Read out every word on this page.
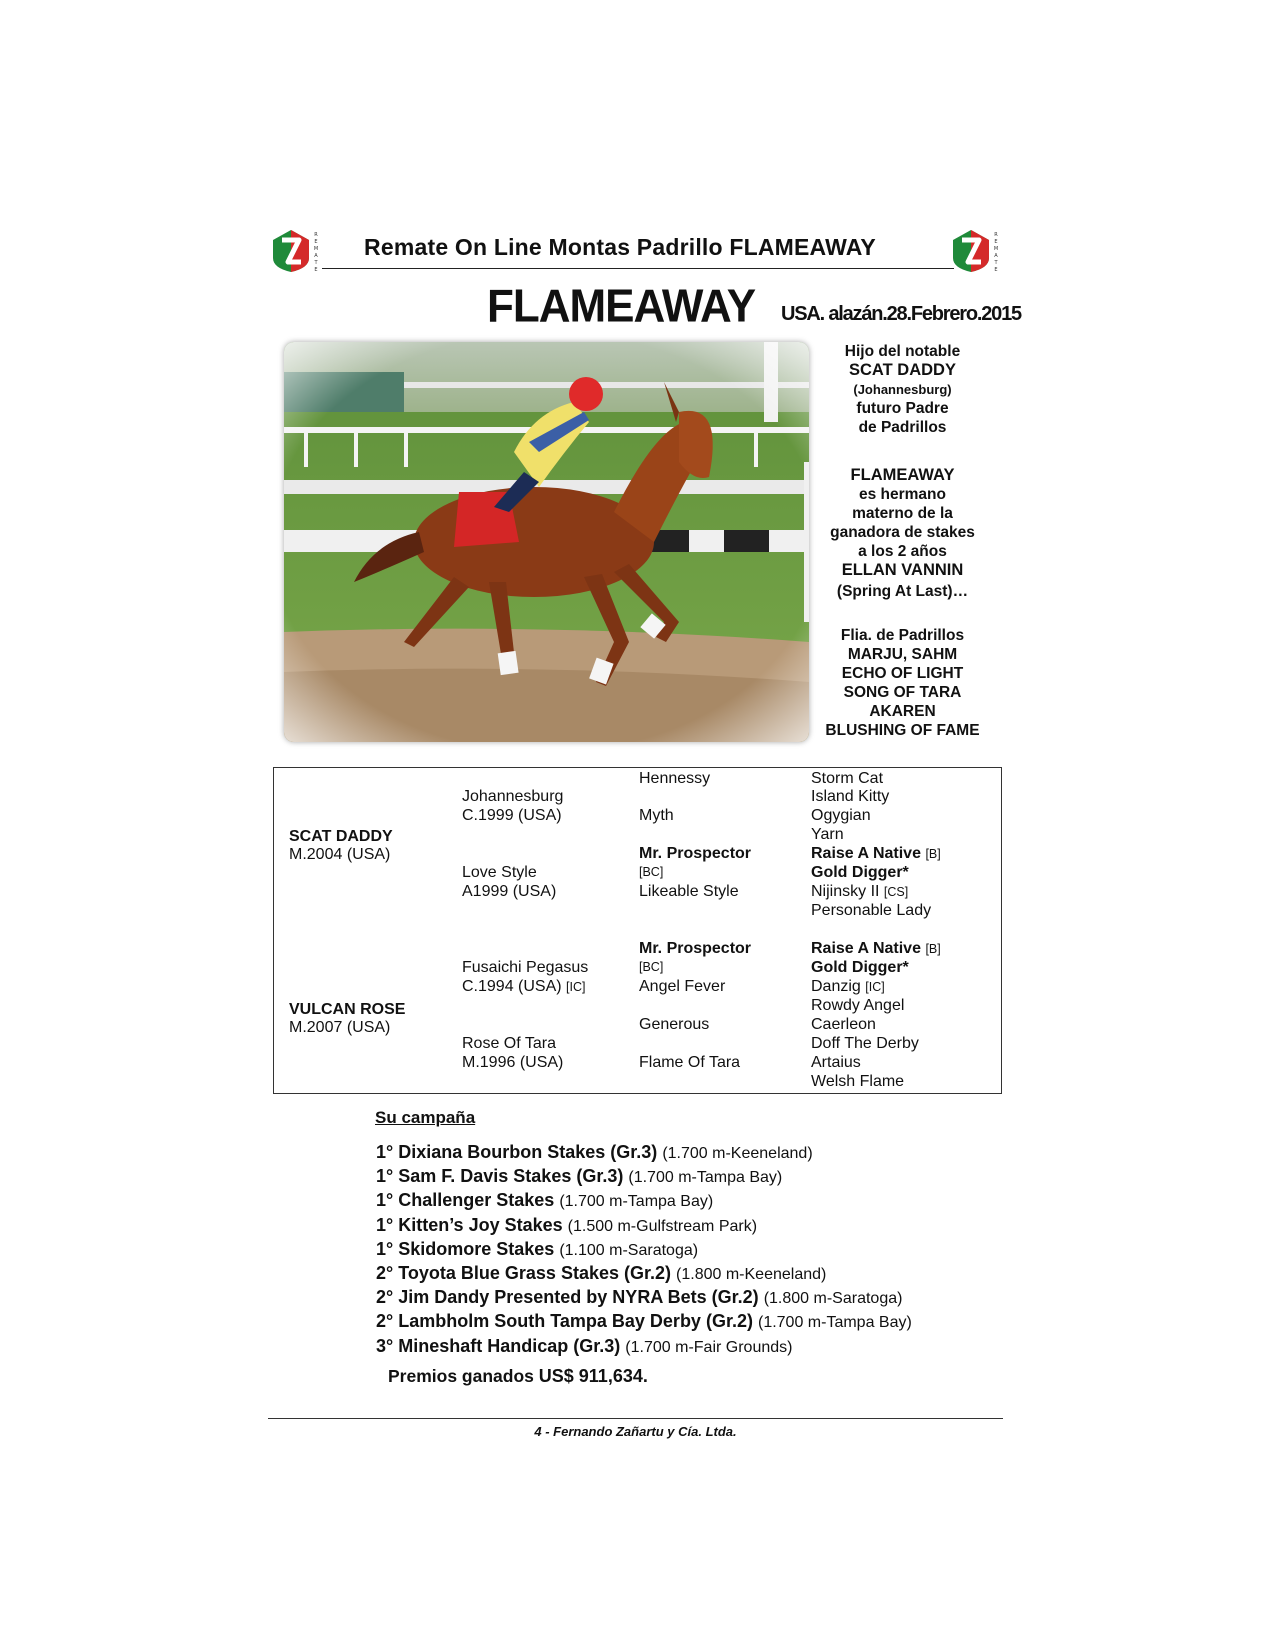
R
E
M
A
T
E
R
E
M
A
T
E
Remate On Line Montas Padrillo FLAMEAWAY
FLAMEAWAY USA. alazán.28.Febrero.2015
Hijo del notable
SCAT DADDY
(Johannesburg)
futuro Padre
de Padrillos
FLAMEAWAY
es hermano
materno de la
ganadora de stakes
a los 2 años
ELLAN VANNIN
(Spring At Last)…
Flia. de Padrillos
MARJU, SAHM
ECHO OF LIGHT
SONG OF TARA
AKAREN
BLUSHING OF FAME
SCAT DADDY
M.2004 (USA)
VULCAN ROSE
M.2007 (USA)
Johannesburg
C.1999 (USA)
Love Style
A1999 (USA)
Fusaichi Pegasus
C.1994 (USA) [IC]
Rose Of Tara
M.1996 (USA)
Hennessy
Myth
Mr. Prospector
[BC]
Likeable Style
Mr. Prospector
[BC]
Angel Fever
Generous
Flame Of Tara
Storm Cat
Island Kitty
Ogygian
Yarn
Raise A Native [B]
Gold Digger*
Nijinsky II [CS]
Personable Lady
Raise A Native [B]
Gold Digger*
Danzig [IC]
Rowdy Angel
Caerleon
Doff The Derby
Artaius
Welsh Flame
Su campaña
1° Dixiana Bourbon Stakes (Gr.3) (1.700 m-Keeneland)
1° Sam F. Davis Stakes (Gr.3) (1.700 m-Tampa Bay)
1° Challenger Stakes (1.700 m-Tampa Bay)
1° Kitten’s Joy Stakes (1.500 m-Gulfstream Park)
1° Skidomore Stakes (1.100 m-Saratoga)
2° Toyota Blue Grass Stakes (Gr.2) (1.800 m-Keeneland)
2° Jim Dandy Presented by NYRA Bets (Gr.2) (1.800 m-Saratoga)
2° Lambholm South Tampa Bay Derby (Gr.2) (1.700 m-Tampa Bay)
3° Mineshaft Handicap (Gr.3) (1.700 m-Fair Grounds)
Premios ganados US$ 911,634.
4 - Fernando Zañartu y Cía. Ltda.
